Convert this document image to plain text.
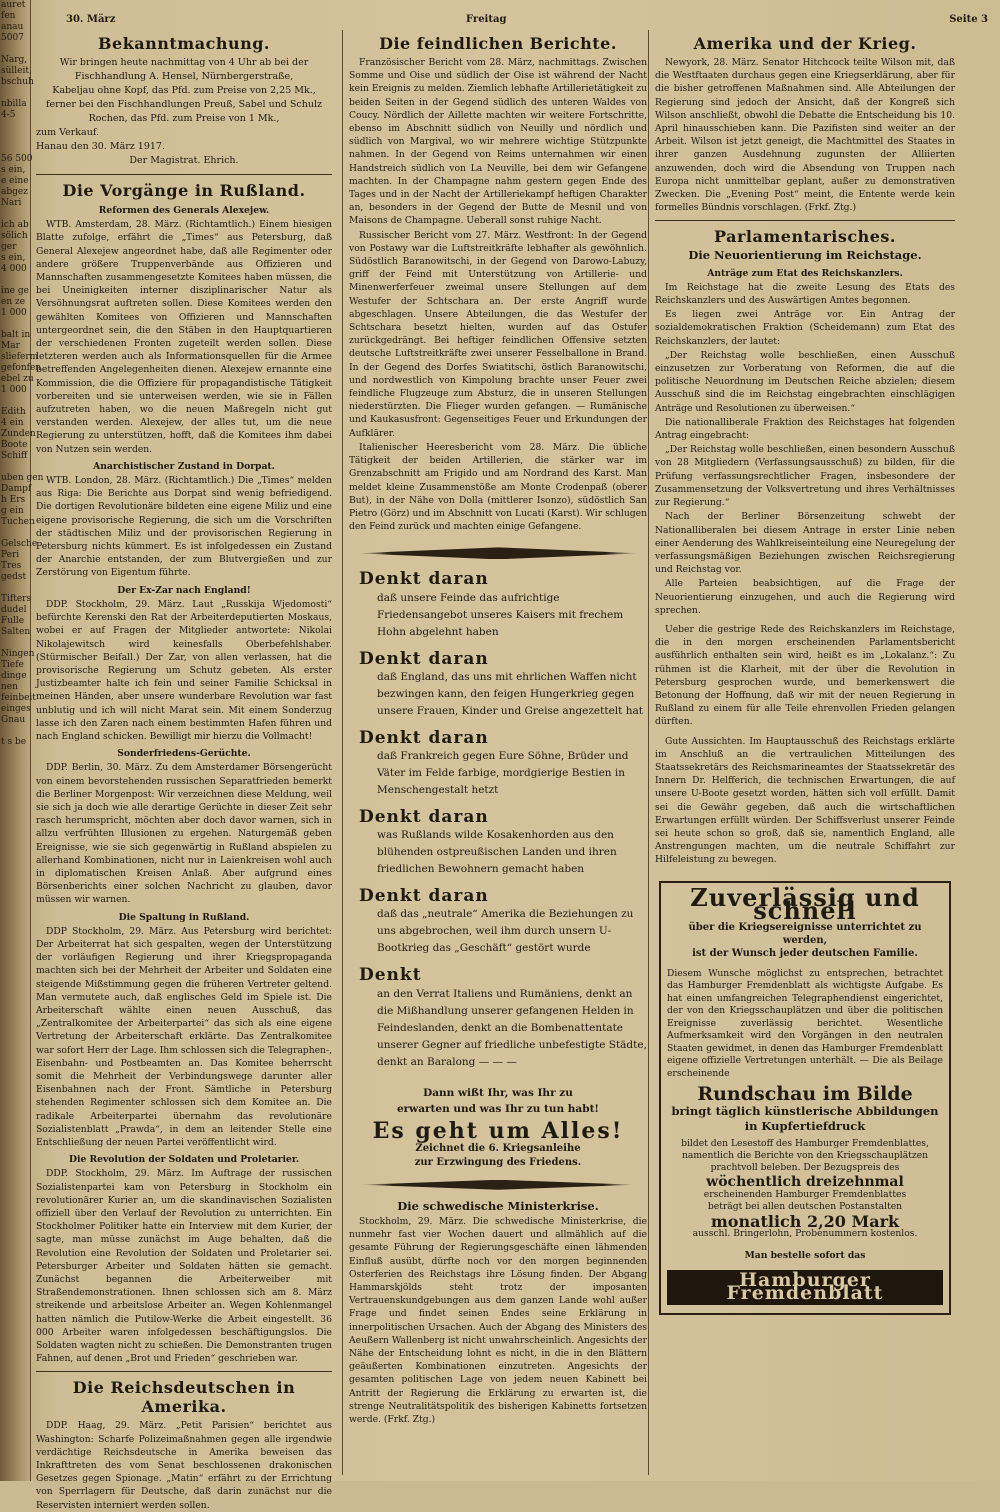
auret
fen
anau
5007

Narg,
sülleit,
bschuh

nbilla
4-5

56 500
s ein,
e eine
abgez
Nari

ich ab
sölich
ger
s ein,
4 000

ine ge
en ze
1 000

balt in
Mar
slieferm
gefonfen
ebel zu
1 000

Edith
4 ein
Zunden
Boote
Schiff

uben gen
Dampf
h Ers
g ein
Tuchen

Gelsche
Peri
Tres
gedst

Tifters
dudel
Fulle
Salten

Ningen
Tiefe
dinge
nen
feinbeit
einges
Gnau

t s be
30. März	Freitag	Seite 3
Bekanntmachung.
Wir bringen heute nachmittag von 4 Uhr ab bei der
Fischhandlung A. Hensel, Nürnbergerstraße,
Kabeljau ohne Kopf, das Pfd. zum Preise von 2,25 Mk.,
ferner bei den Fischhandlungen Preuß, Sabel und Schulz
Rochen, das Pfd. zum Preise von 1 Mk.,
zum Verkauf.
Hanau den 30. März 1917.
Der Magistrat. Ehrich.
Die Vorgänge in Rußland.
Reformen des Generals Alexejew.

WTB. Amsterdam, 28. März. (Richtamtlich.) Einem hiesigen Blatte zufolge, erfährt die „Times“ aus Petersburg, daß General Alexejew angeordnet habe, daß alle Regimenter oder andere größere Truppenverbände aus Offizieren und Mannschaften zusammengesetzte Komitees haben müssen, die bei Uneinigkeiten interner disziplinarischer Natur als Versöhnungsrat auftreten sollen. Diese Komitees werden den gewählten Komitees von Offizieren und Mannschaften untergeordnet sein, die den Stäben in den Hauptquartieren der verschiedenen Fronten zugeteilt werden sollen. Diese letzteren werden auch als Informationsquellen für die Armee betreffenden Angelegenheiten dienen. Alexejew ernannte eine Kommission, die die Offiziere für propagandistische Tätigkeit vorbereiten und sie unterweisen werden, wie sie in Fällen aufzutreten haben, wo die neuen Maßregeln nicht gut verstanden werden. Alexejew, der alles tut, um die neue Regierung zu unterstützen, hofft, daß die Komitees ihm dabei von Nutzen sein werden.

Anarchistischer Zustand in Dorpat.

WTB. London, 28. März. (Richtamtlich.) Die „Times“ melden aus Riga: Die Berichte aus Dorpat sind wenig befriedigend. Die dortigen Revolutionäre bildeten eine eigene Miliz und eine eigene provisorische Regierung, die sich um die Vorschriften der städtischen Miliz und der provisorischen Regierung in Petersburg nichts kümmert. Es ist infolgedessen ein Zustand der Anarchie entstanden, der zum Blutvergießen und zur Zerstörung von Eigentum führte.

Der Ex-Zar nach England!

DDP. Stockholm, 29. März. Laut „Russkija Wjedomosti“ befürchte Kerenski den Rat der Arbeiterdeputierten Moskaus, wobei er auf Fragen der Mitglieder antwortete: Nikolai Nikolajewitsch wird keinesfalls Oberbefehlshaber. (Stürmischer Beifall.) Der Zar, von allen verlassen, hat die provisorische Regierung um Schutz gebeten. Als erster Justizbeamter halte ich fein und seiner Familie Schicksal in meinen Händen, aber unsere wunderbare Revolution war fast unblutig und ich will nicht Marat sein. Mit einem Sonderzug lasse ich den Zaren nach einem bestimmten Hafen führen und nach England schicken. Bewilligt mir hierzu die Vollmacht!

Sonderfriedens-Gerüchte.

DDP. Berlin, 30. März. Zu dem Amsterdamer Börsengerücht von einem bevorstehenden russischen Separatfrieden bemerkt die Berliner Morgenpost: Wir verzeichnen diese Meldung, weil sie sich ja doch wie alle derartige Gerüchte in dieser Zeit sehr rasch herumspricht, möchten aber doch davor warnen, sich in allzu verfrühten Illusionen zu ergehen. Naturgemäß geben Ereignisse, wie sie sich gegenwärtig in Rußland abspielen zu allerhand Kombinationen, nicht nur in Laienkreisen wohl auch in diplomatischen Kreisen Anlaß. Aber aufgrund eines Börsenberichts einer solchen Nachricht zu glauben, davor müssen wir warnen.

Die Spaltung in Rußland.

DDP Stockholm, 29. März. Aus Petersburg wird berichtet: Der Arbeiterrat hat sich gespalten, wegen der Unterstützung der vorläufigen Regierung und ihrer Kriegspropaganda machten sich bei der Mehrheit der Arbeiter und Soldaten eine steigende Mißstimmung gegen die früheren Vertreter geltend. Man vermutete auch, daß englisches Geld im Spiele ist. Die Arbeiterschaft wählte einen neuen Ausschuß, das „Zentralkomitee der Arbeiterpartei“ das sich als eine eigene Vertretung der Arbeiterschaft erklärte. Das Zentralkomitee war sofort Herr der Lage. Ihm schlossen sich die Telegraphen-, Eisenbahn- und Postbeamten an. Das Komitee beherrscht somit die Mehrheit der Verbindungswege darunter aller Eisenbahnen nach der Front. Sämtliche in Petersburg stehenden Regimenter schlossen sich dem Komitee an. Die radikale Arbeiterpartei übernahm das revolutionäre Sozialistenblatt „Prawda“, in dem an leitender Stelle eine Entschließung der neuen Partei veröffentlicht wird.

Die Revolution der Soldaten und Proletarier.

DDP. Stockholm, 29. März. Im Auftrage der russischen Sozialistenpartei kam von Petersburg in Stockholm ein revolutionärer Kurier an, um die skandinavischen Sozialisten offiziell über den Verlauf der Revolution zu unterrichten. Ein Stockholmer Politiker hatte ein Interview mit dem Kurier, der sagte, man müsse zunächst im Auge behalten, daß die Revolution eine Revolution der Soldaten und Proletarier sei. Petersburger Arbeiter und Soldaten hätten sie gemacht. Zunächst begannen die Arbeiterweiber mit Straßendemonstrationen. Ihnen schlossen sich am 8. März streikende und arbeitslose Arbeiter an. Wegen Kohlenmangel hatten nämlich die Putilow-Werke die Arbeit eingestellt. 36 000 Arbeiter waren infolgedessen beschäftigungslos. Die Soldaten wagten nicht zu schießen. Die Demonstranten trugen Fahnen, auf denen „Brot und Frieden“ geschrieben war.

Die Reichsdeutschen in Amerika.

DDP. Haag, 29. März. „Petit Parisien“ berichtet aus Washington: Scharfe Polizeimaßnahmen gegen alle irgendwie verdächtige Reichsdeutsche in Amerika beweisen das Inkrafttreten des vom Senat beschlossenen drakonischen Gesetzes gegen Spionage. „Matin“ erfährt zu der Errichtung von Sperrlagern für Deutsche, daß darin zunächst nur die Reservisten interniert werden sollen.

Die feindlichen Berichte.

Französischer Bericht vom 28. März, nachmittags. Zwischen Somme und Oise und südlich der Oise ist während der Nacht kein Ereignis zu melden. Ziemlich lebhafte Artillerietätigkeit zu beiden Seiten in der Gegend südlich des unteren Waldes von Coucy. Nördlich der Aillette machten wir weitere Fortschritte, ebenso im Abschnitt südlich von Neuilly und nördlich und südlich von Margival, wo wir mehrere wichtige Stützpunkte nahmen. In der Gegend von Reims unternahmen wir einen Handstreich südlich von La Neuville, bei dem wir Gefangene machten. In der Champagne nahm gestern gegen Ende des Tages und in der Nacht der Artilleriekampf heftigen Charakter an, besonders in der Gegend der Butte de Mesnil und von Maisons de Champagne. Ueberall sonst ruhige Nacht.

Russischer Bericht vom 27. März. Westfront: In der Gegend von Postawy war die Luftstreitkräfte lebhafter als gewöhnlich. Südöstlich Baranowitschi, in der Gegend von Darowo-Labuzy, griff der Feind mit Unterstützung von Artillerie- und Minenwerferfeuer zweimal unsere Stellungen auf dem Westufer der Schtschara an. Der erste Angriff wurde abgeschlagen. Unsere Abteilungen, die das Westufer der Schtschara besetzt hielten, wurden auf das Ostufer zurückgedrängt. Bei heftiger feindlichen Offensive setzten deutsche Luftstreitkräfte zwei unserer Fesselballone in Brand. In der Gegend des Dorfes Swiatitschi, östlich Baranowitschi, und nordwestlich von Kimpolung brachte unser Feuer zwei feindliche Flugzeuge zum Absturz, die in unseren Stellungen niederstürzten. Die Flieger wurden gefangen. — Rumänische und Kaukasusfront: Gegenseitiges Feuer und Erkundungen der Aufklärer.

Italienischer Heeresbericht vom 28. März. Die übliche Tätigkeit der beiden Artillerien, die stärker war im Grenzabschnitt am Frigido und am Nordrand des Karst. Man meldet kleine Zusammenstöße am Monte Crodenpaß (oberer But), in der Nähe von Dolla (mittlerer Isonzo), südöstlich San Pietro (Görz) und im Abschnitt von Lucati (Karst). Wir schlugen den Feind zurück und machten einige Gefangene.

Denkt daran
daß unsere Feinde das aufrichtige Friedensangebot unseres Kaisers mit frechem Hohn abgelehnt haben
Denkt daran
daß England, das uns mit ehrlichen Waffen nicht bezwingen kann, den feigen Hungerkrieg gegen unsere Frauen, Kinder und Greise angezettelt hat
Denkt daran
daß Frankreich gegen Eure Söhne, Brüder und Väter im Felde farbige, mordgierige Bestien in Menschengestalt hetzt
Denkt daran
was Rußlands wilde Kosakenhorden aus den blühenden ostpreußischen Landen und ihren friedlichen Bewohnern gemacht haben
Denkt daran
daß das „neutrale“ Amerika die Beziehungen zu uns abgebrochen, weil ihm durch unsern U-Bootkrieg das „Geschäft“ gestört wurde
Denkt
an den Verrat Italiens und Rumäniens, denkt an die Mißhandlung unserer gefangenen Helden in Feindeslanden, denkt an die Bombenattentate unserer Gegner auf friedliche unbefestigte Städte, denkt an Baralong — — —
Dann wißt Ihr, was Ihr zu
erwarten und was Ihr zu tun habt!
Es geht um Alles!
Zeichnet die 6. Kriegsanleihe
zur Erzwingung des Friedens.
Die schwedische Ministerkrise.

Stockholm, 29. März. Die schwedische Ministerkrise, die nunmehr fast vier Wochen dauert und allmählich auf die gesamte Führung der Regierungsgeschäfte einen lähmenden Einfluß ausübt, dürfte noch vor den morgen beginnenden Osterferien des Reichstags ihre Lösung finden. Der Abgang Hammarskjölds steht trotz der imposanten Vertrauenskundgebungen aus dem ganzen Lande wohl außer Frage und findet seinen Endes seine Erklärung in innerpolitischen Ursachen. Auch der Abgang des Ministers des Aeußern Wallenberg ist nicht unwahrscheinlich. Angesichts der Nähe der Entscheidung lohnt es nicht, in die in den Blättern geäußerten Kombinationen einzutreten. Angesichts der gesamten politischen Lage von jedem neuen Kabinett bei Antritt der Regierung die Erklärung zu erwarten ist, die strenge Neutralitätspolitik des bisherigen Kabinetts fortsetzen werde. (Frkf. Ztg.)

Amerika und der Krieg.

Newyork, 28. März. Senator Hitchcock teilte Wilson mit, daß die Westftaaten durchaus gegen eine Kriegserklärung, aber für die bisher getroffenen Maßnahmen sind. Alle Abteilungen der Regierung sind jedoch der Ansicht, daß der Kongreß sich Wilson anschließt, obwohl die Debatte die Entscheidung bis 10. April hinausschieben kann. Die Pazifisten sind weiter an der Arbeit. Wilson ist jetzt geneigt, die Machtmittel des Staates in ihrer ganzen Ausdehnung zugunsten der Alliierten anzuwenden, doch wird die Absendung von Truppen nach Europa nicht unmittelbar geplant, außer zu demonstrativen Zwecken. Die „Evening Post“ meint, die Entente werde kein formelles Bündnis vorschlagen. (Frkf. Ztg.)

Parlamentarisches.
Die Neuorientierung im Reichstage.
Anträge zum Etat des Reichskanzlers.

Im Reichstage hat die zweite Lesung des Etats des Reichskanzlers und des Auswärtigen Amtes begonnen.

Es liegen zwei Anträge vor. Ein Antrag der sozialdemokratischen Fraktion (Scheidemann) zum Etat des Reichskanzlers, der lautet:

„Der Reichstag wolle beschließen, einen Ausschuß einzusetzen zur Vorberatung von Reformen, die auf die politische Neuordnung im Deutschen Reiche abzielen; diesem Ausschuß sind die im Reichstag eingebrachten einschlägigen Anträge und Resolutionen zu überweisen.“

Die nationalliberale Fraktion des Reichstages hat folgenden Antrag eingebracht:

„Der Reichstag wolle beschließen, einen besondern Ausschuß von 28 Mitgliedern (Verfassungsausschuß) zu bilden, für die Prüfung verfassungsrechtlicher Fragen, insbesondere der Zusammensetzung der Volksvertretung und ihres Verhältnisses zur Regierung.“

Nach der Berliner Börsenzeitung schwebt der Nationalliberalen bei diesem Antrage in erster Linie neben einer Aenderung des Wahlkreiseinteilung eine Neuregelung der verfassungsmäßigen Beziehungen zwischen Reichsregierung und Reichstag vor.

Alle Parteien beabsichtigen, auf die Frage der Neuorientierung einzugehen, und auch die Regierung wird sprechen.

Ueber die gestrige Rede des Reichskanzlers im Reichstage, die in den morgen erscheinenden Parlamentsbericht ausführlich enthalten sein wird, heißt es im „Lokalanz.“: Zu rühmen ist die Klarheit, mit der über die Revolution in Petersburg gesprochen wurde, und bemerkenswert die Betonung der Hoffnung, daß wir mit der neuen Regierung in Rußland zu einem für alle Teile ehrenvollen Frieden gelangen dürften.

Gute Aussichten. Im Hauptausschuß des Reichstags erklärte im Anschluß an die vertraulichen Mitteilungen des Staatssekretärs des Reichsmarineamtes der Staatssekretär des Innern Dr. Helfferich, die technischen Erwartungen, die auf unsere U-Boote gesetzt worden, hätten sich voll erfüllt. Damit sei die Gewähr gegeben, daß auch die wirtschaftlichen Erwartungen erfüllt würden. Der Schiffsverlust unserer Feinde sei heute schon so groß, daß sie, namentlich England, alle Anstrengungen machten, um die neutrale Schiffahrt zur Hilfeleistung zu bewegen.

Zuverlässig und schnell
über die Kriegsereignisse unterrichtet zu werden,
ist der Wunsch jeder deutschen Familie.
Diesem Wunsche möglichst zu entsprechen, betrachtet das Hamburger Fremdenblatt als wichtigste Aufgabe. Es hat einen umfangreichen Telegraphendienst eingerichtet, der von den Kriegsschauplätzen und über die politischen Ereignisse zuverlässig berichtet. Wesentliche Aufmerksamkeit wird den Vorgängen in den neutralen Staaten gewidmet, in denen das Hamburger Fremdenblatt eigene offizielle Vertretungen unterhält. — Die als Beilage erscheinende
Rundschau im Bilde
bringt täglich künstlerische Abbildungen
in Kupfertiefdruck
bildet den Lesestoff des Hamburger Fremdenblattes,
namentlich die Berichte von den Kriegsschauplätzen prachtvoll beleben. Der Bezugspreis des
wöchentlich dreizehnmal
erscheinenden Hamburger Fremdenblattes
beträgt bei allen deutschen Postanstalten
monatlich 2,20 Mark
ausschl. Bringerlohn, Probenummern kostenlos.
Man bestelle sofort das
Hamburger Fremdenblatt
